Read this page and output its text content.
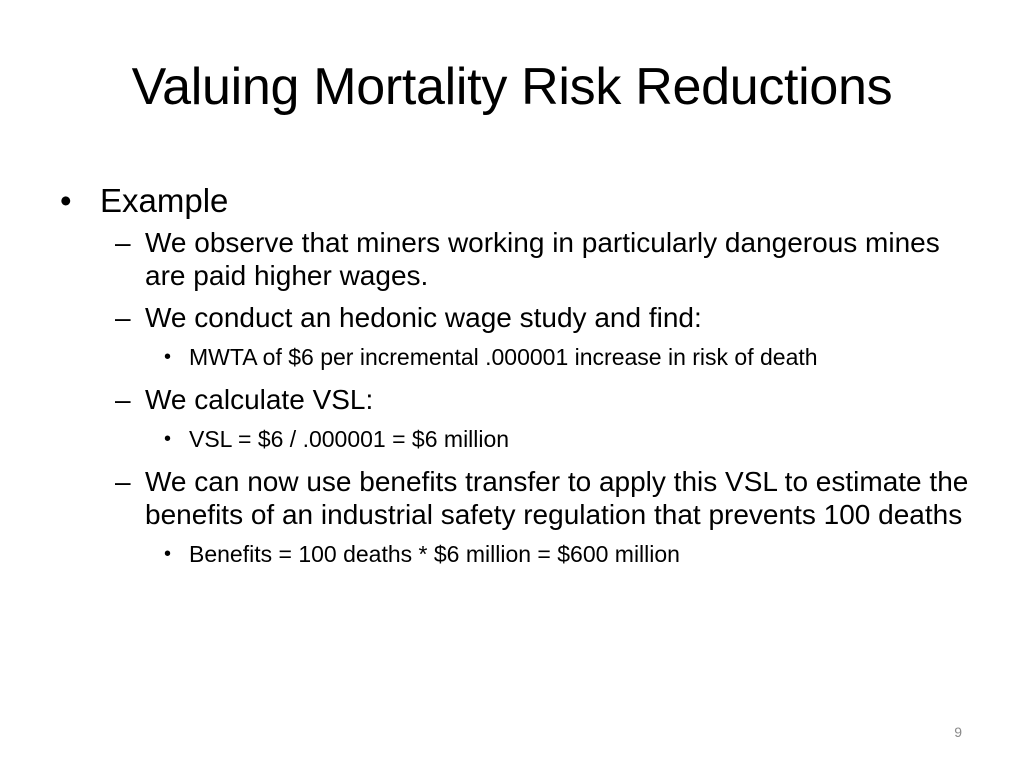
Valuing Mortality Risk Reductions
• Example
– We observe that miners working in particularly dangerous mines are paid higher wages.
– We conduct an hedonic wage study and find:
• MWTA of $6 per incremental .000001 increase in risk of death
– We calculate VSL:
• VSL = $6 / .000001 = $6 million
– We can now use benefits transfer to apply this VSL to estimate the benefits of an industrial safety regulation that prevents 100 deaths
• Benefits = 100 deaths * $6 million = $600 million
9
